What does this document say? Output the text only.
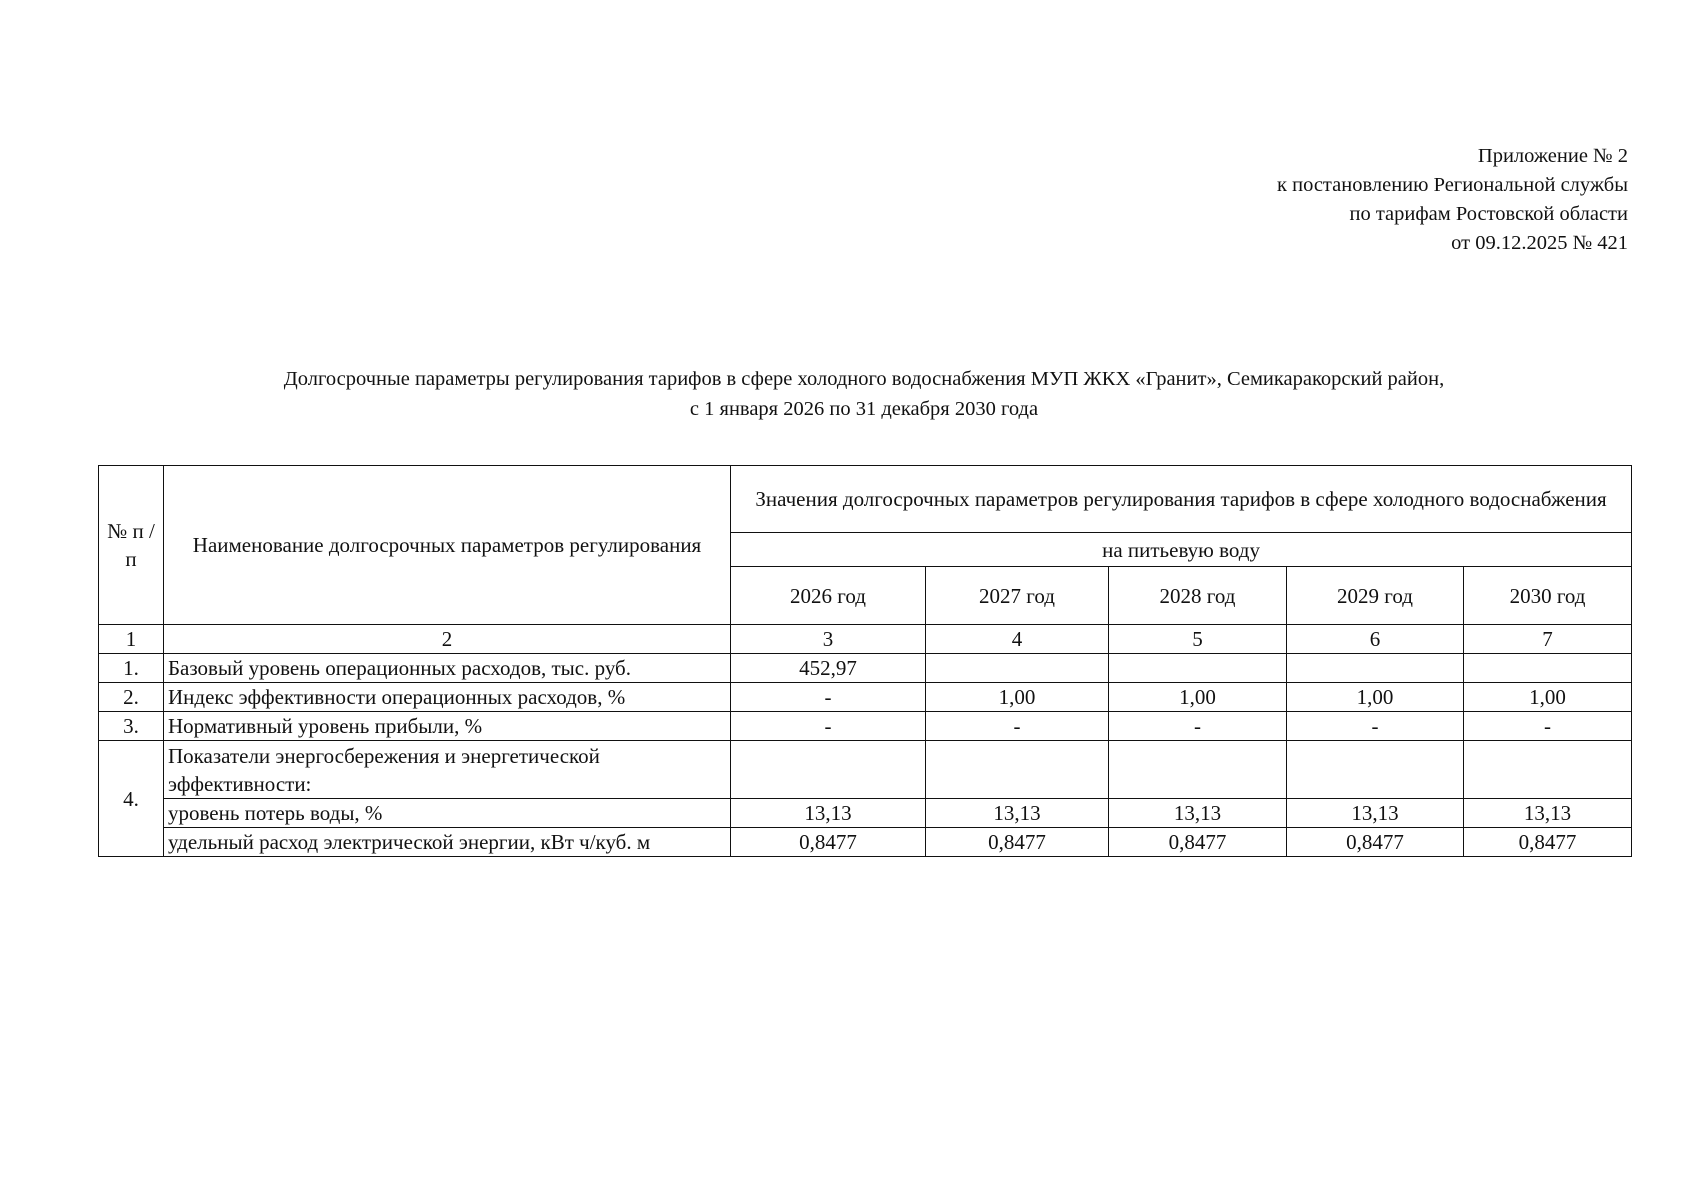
Приложение № 2
к постановлению Региональной службы
по тарифам Ростовской области
от 09.12.2025 № 421
Долгосрочные параметры регулирования тарифов в сфере холодного водоснабжения МУП ЖКХ «Гранит», Семикаракорский район,
с 1 января 2026 по 31 декабря 2030 года
№ п /п	Наименование долгосрочных параметров регулирования	Значения долгосрочных параметров регулирования тарифов в сфере холодного водоснабжения				
		на питьевую воду				
		2026 год	2027 год	2028 год	2029 год	2030 год
1	2	3	4	5	6	7
1.	Базовый уровень операционных расходов, тыс. руб.	452,97				
2.	Индекс эффективности операционных расходов, %	-	1,00	1,00	1,00	1,00
3.	Нормативный уровень прибыли, %	-	-	-	-	-
4.	Показатели энергосбережения и энергетической эффективности:					
	уровень потерь воды, %	13,13	13,13	13,13	13,13	13,13
	удельный расход электрической энергии, кВт ч/куб. м	0,8477	0,8477	0,8477	0,8477	0,8477
